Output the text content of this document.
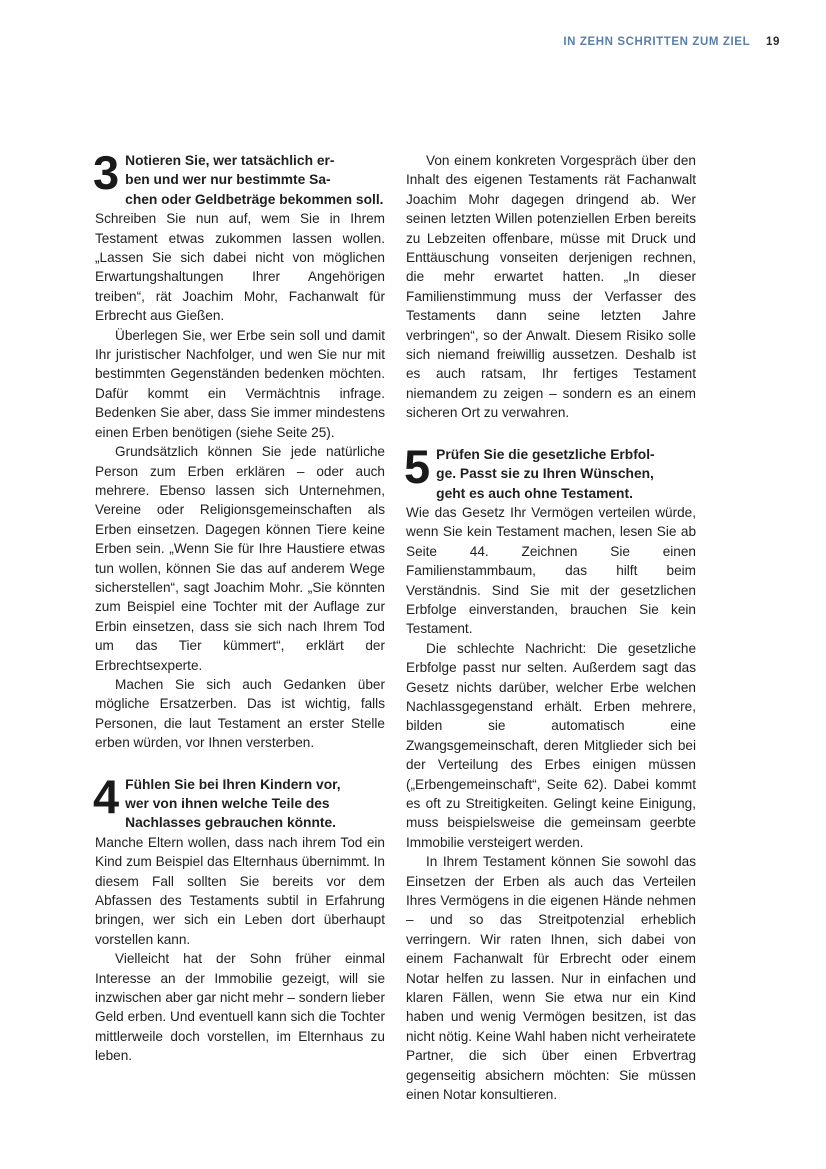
IN ZEHN SCHRITTEN ZUM ZIEL 19
3 Notieren Sie, wer tatsächlich er-
ben und wer nur bestimmte Sa-
chen oder Geldbeträge bekommen soll.

Schreiben Sie nun auf, wem Sie in Ihrem Testament etwas zukommen lassen wollen. „Lassen Sie sich dabei nicht von möglichen Erwartungshaltungen Ihrer Angehörigen treiben“, rät Joachim Mohr, Fachanwalt für Erbrecht aus Gießen.

Überlegen Sie, wer Erbe sein soll und damit Ihr juristischer Nachfolger, und wen Sie nur mit bestimmten Gegenständen bedenken möchten. Dafür kommt ein Vermächtnis infrage. Bedenken Sie aber, dass Sie immer mindestens einen Erben benötigen (siehe Seite 25).

Grundsätzlich können Sie jede natürliche Person zum Erben erklären – oder auch mehrere. Ebenso lassen sich Unternehmen, Vereine oder Religionsgemeinschaften als Erben einsetzen. Dagegen können Tiere keine Erben sein. „Wenn Sie für Ihre Haustiere etwas tun wollen, können Sie das auf anderem Wege sicherstellen“, sagt Joachim Mohr. „Sie könnten zum Beispiel eine Tochter mit der Auflage zur Erbin einsetzen, dass sie sich nach Ihrem Tod um das Tier kümmert“, erklärt der Erbrechtsexperte.

Machen Sie sich auch Gedanken über mögliche Ersatzerben. Das ist wichtig, falls Personen, die laut Testament an erster Stelle erben würden, vor Ihnen versterben.

4 Fühlen Sie bei Ihren Kindern vor,
wer von ihnen welche Teile des
Nachlasses gebrauchen könnte.

Manche Eltern wollen, dass nach ihrem Tod ein Kind zum Beispiel das Elternhaus übernimmt. In diesem Fall sollten Sie bereits vor dem Abfassen des Testaments subtil in Erfahrung bringen, wer sich ein Leben dort überhaupt vorstellen kann.

Vielleicht hat der Sohn früher einmal Interesse an der Immobilie gezeigt, will sie inzwischen aber gar nicht mehr – sondern lieber Geld erben. Und eventuell kann sich die Tochter mittlerweile doch vorstellen, im Elternhaus zu leben.

Von einem konkreten Vorgespräch über den Inhalt des eigenen Testaments rät Fachanwalt Joachim Mohr dagegen dringend ab. Wer seinen letzten Willen potenziellen Erben bereits zu Lebzeiten offenbare, müsse mit Druck und Enttäuschung vonseiten derjenigen rechnen, die mehr erwartet hatten. „In dieser Familienstimmung muss der Verfasser des Testaments dann seine letzten Jahre verbringen“, so der Anwalt. Diesem Risiko solle sich niemand freiwillig aussetzen. Deshalb ist es auch ratsam, Ihr fertiges Testament niemandem zu zeigen – sondern es an einem sicheren Ort zu verwahren.

5 Prüfen Sie die gesetzliche Erbfol-
ge. Passt sie zu Ihren Wünschen,
geht es auch ohne Testament.

Wie das Gesetz Ihr Vermögen verteilen würde, wenn Sie kein Testament machen, lesen Sie ab Seite 44. Zeichnen Sie einen Familienstammbaum, das hilft beim Verständnis. Sind Sie mit der gesetzlichen Erbfolge einverstanden, brauchen Sie kein Testament.

Die schlechte Nachricht: Die gesetzliche Erbfolge passt nur selten. Außerdem sagt das Gesetz nichts darüber, welcher Erbe welchen Nachlassgegenstand erhält. Erben mehrere, bilden sie automatisch eine Zwangsgemeinschaft, deren Mitglieder sich bei der Verteilung des Erbes einigen müssen („Erbengemeinschaft“, Seite 62). Dabei kommt es oft zu Streitigkeiten. Gelingt keine Einigung, muss beispielsweise die gemeinsam geerbte Immobilie versteigert werden.

In Ihrem Testament können Sie sowohl das Einsetzen der Erben als auch das Verteilen Ihres Vermögens in die eigenen Hände nehmen – und so das Streitpotenzial erheblich verringern. Wir raten Ihnen, sich dabei von einem Fachanwalt für Erbrecht oder einem Notar helfen zu lassen. Nur in einfachen und klaren Fällen, wenn Sie etwa nur ein Kind haben und wenig Vermögen besitzen, ist das nicht nötig. Keine Wahl haben nicht verheiratete Partner, die sich über einen Erbvertrag gegenseitig absichern möchten: Sie müssen einen Notar konsultieren.
